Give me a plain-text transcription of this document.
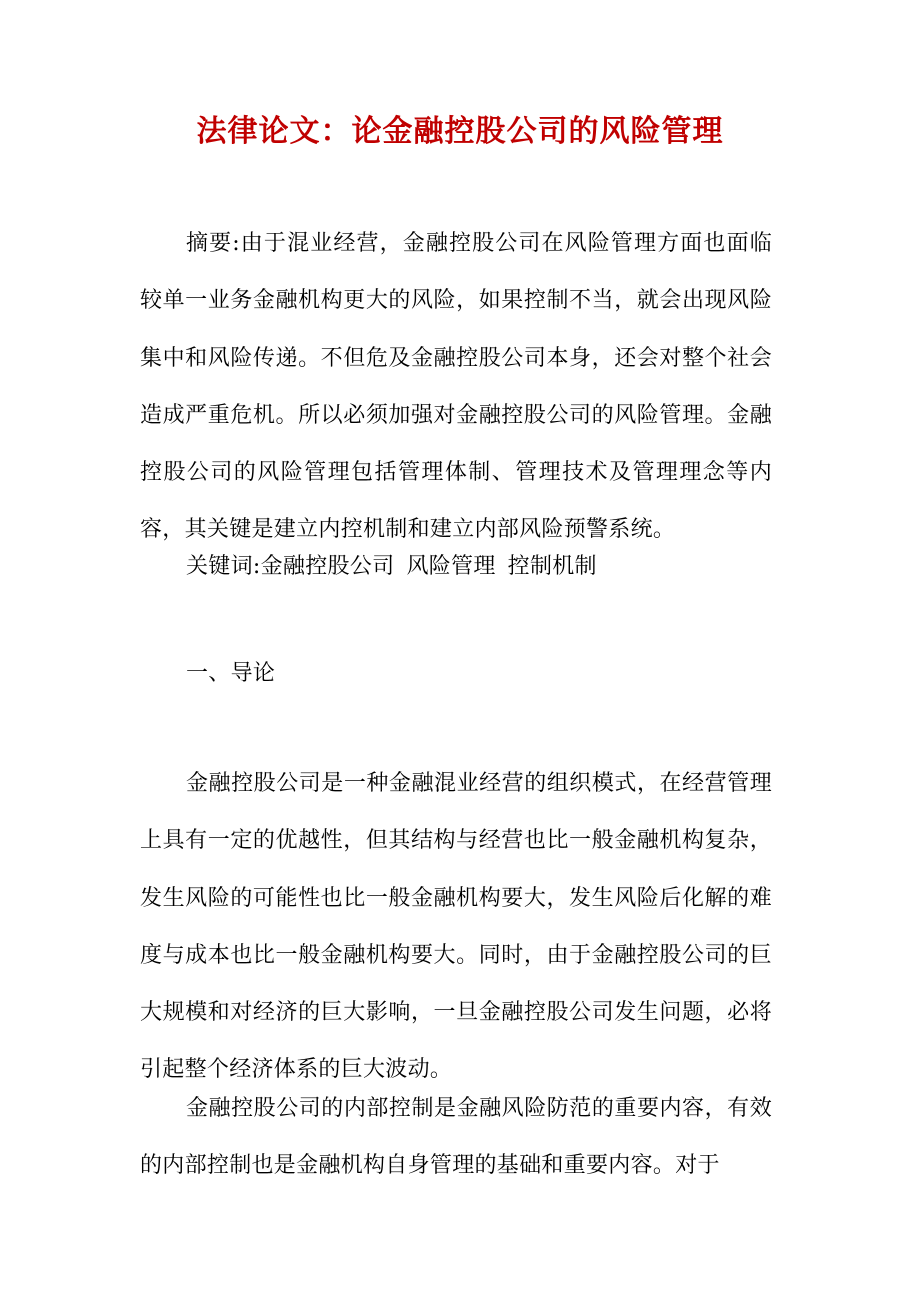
法律论文：论金融控股公司的风险管理

摘要:由于混业经营，金融控股公司在风险管理方面也面临较单一业务金融机构更大的风险，如果控制不当，就会出现风险集中和风险传递。不但危及金融控股公司本身，还会对整个社会造成严重危机。所以必须加强对金融控股公司的风险管理。金融控股公司的风险管理包括管理体制、管理技术及管理理念等内容，其关键是建立内控机制和建立内部风险预警系统。

关键词:金融控股公司 风险管理 控制机制

一、导论

金融控股公司是一种金融混业经营的组织模式，在经营管理上具有一定的优越性，但其结构与经营也比一般金融机构复杂，发生风险的可能性也比一般金融机构要大，发生风险后化解的难度与成本也比一般金融机构要大。同时，由于金融控股公司的巨大规模和对经济的巨大影响，一旦金融控股公司发生问题，必将引起整个经济体系的巨大波动。

金融控股公司的内部控制是金融风险防范的重要内容，有效的内部控制也是金融机构自身管理的基础和重要内容。对于
